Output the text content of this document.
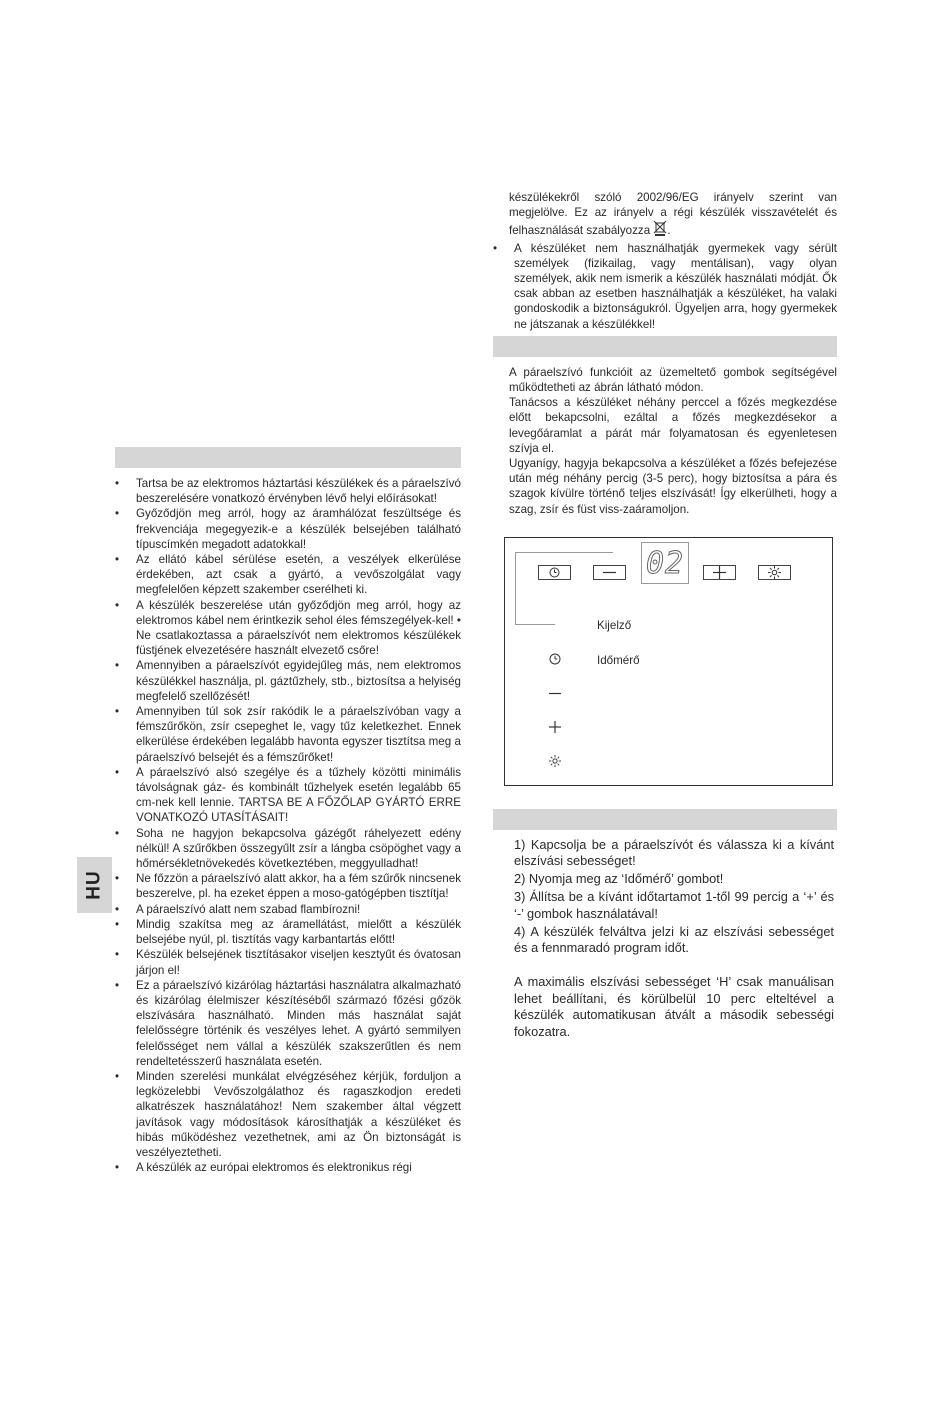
• Tartsa be az elektromos háztartási készülékek és a páraelszívó beszerelésére vonatkozó érvényben lévő helyi előírásokat!
• Győződjön meg arról, hogy az áramhálózat feszültsége és frekvenciája megegyezik-e a készülék belsejében található típuscímkén megadott adatokkal!
• Az ellátó kábel sérülése esetén, a veszélyek elkerülése érdekében, azt csak a gyártó, a vevőszolgálat vagy megfelelően képzett szakember cserélheti ki.
• A készülék beszerelése után győződjön meg arról, hogy az elektromos kábel nem érintkezik sehol éles fémszegélyek-kel! • Ne csatlakoztassa a páraelszívót nem elektromos készülékek füstjének elvezetésére használt elvezető csőre!
• Amennyiben a páraelszívót egyidejűleg más, nem elektromos készülékkel használja, pl. gáztűzhely, stb., biztosítsa a helyiség megfelelő szellőzését!
• Amennyiben túl sok zsír rakódik le a páraelszívóban vagy a fémszűrőkön, zsír csepeghet le, vagy tűz keletkezhet. Ennek elkerülése érdekében legalább havonta egyszer tisztítsa meg a páraelszívó belsejét és a fémszűrőket!
• A páraelszívó alsó szegélye és a tűzhely közötti minimális távolságnak gáz- és kombinált tűzhelyek esetén legalább 65 cm-nek kell lennie. TARTSA BE A FŐZŐLAP GYÁRTÓ ERRE VONATKOZÓ UTASÍTÁSAIT!
• Soha ne hagyjon bekapcsolva gázégőt ráhelyezett edény nélkül! A szűrőkben összegyűlt zsír a lángba csöpöghet vagy a hőmérsékletnövekedés következtében, meggyulladhat!
• Ne főzzön a páraelszívó alatt akkor, ha a fém szűrők nincsenek beszerelve, pl. ha ezeket éppen a moso-gatógépben tisztítja!
• A páraelszívó alatt nem szabad flambírozni!
• Mindig szakítsa meg az áramellátást, mielőtt a készülék belsejébe nyúl, pl. tisztítás vagy karbantartás előtt!
• Készülék belsejének tisztításakor viseljen kesztyűt és óvatosan járjon el!
• Ez a páraelszívó kizárólag háztartási használatra alkalmazható és kizárólag élelmiszer készítéséből származó főzési gőzök elszívására használható. Minden más használat saját felelősségre történik és veszélyes lehet. A gyártó semmilyen felelősséget nem vállal a készülék szakszerűtlen és nem rendeltetésszerű használata esetén.
• Minden szerelési munkálat elvégzéséhez kérjük, forduljon a legközelebbi Vevőszolgálathoz és ragaszkodjon eredeti alkatrészek használatához! Nem szakember által végzett javítások vagy módosítások károsíthatják a készüléket és hibás működéshez vezethetnek, ami az Ön biztonságát is veszélyeztetheti.
• A készülék az európai elektromos és elektronikus régi
HU

készülékekről szóló 2002/96/EG irányelv szerint van megjelölve. Ez az irányelv a régi készülék visszavételét és felhasználását szabályozza .

• A készüléket nem használhatják gyermekek vagy sérült személyek (fizikailag, vagy mentálisan), vagy olyan személyek, akik nem ismerik a készülék használati módját. Ők csak abban az esetben használhatják a készüléket, ha valaki gondoskodik a biztonságukról. Ügyeljen arra, hogy gyermekek ne játszanak a készülékkel!

A páraelszívó funkcióit az üzemeltető gombok segítségével működtetheti az ábrán látható módon.

Tanácsos a készüléket néhány perccel a főzés megkezdése előtt bekapcsolni, ezáltal a főzés megkezdésekor a levegőáramlat a párát már folyamatosan és egyenletesen szívja el.

Ugyanígy, hagyja bekapcsolva a készüléket a főzés befejezése után még néhány percig (3-5 perc), hogy biztosítsa a pára és szagok kívülre történő teljes elszívását! Így elkerülheti, hogy a szag, zsír és füst viss-zaáramoljon.

02
Kijelző
Időmérő

1) Kapcsolja be a páraelszívót és válassza ki a kívánt elszívási sebességet!

2) Nyomja meg az ‘Időmérő’ gombot!

3) Állítsa be a kívánt időtartamot 1-től 99 percig a ‘+’ és ‘-’ gombok használatával!

4) A készülék felváltva jelzi ki az elszívási sebességet és a fennmaradó program időt.

A maximális elszívási sebességet ‘H’ csak manuálisan lehet beállítani, és körülbelül 10 perc elteltével a készülék automatikusan átvált a második sebességi fokozatra.
